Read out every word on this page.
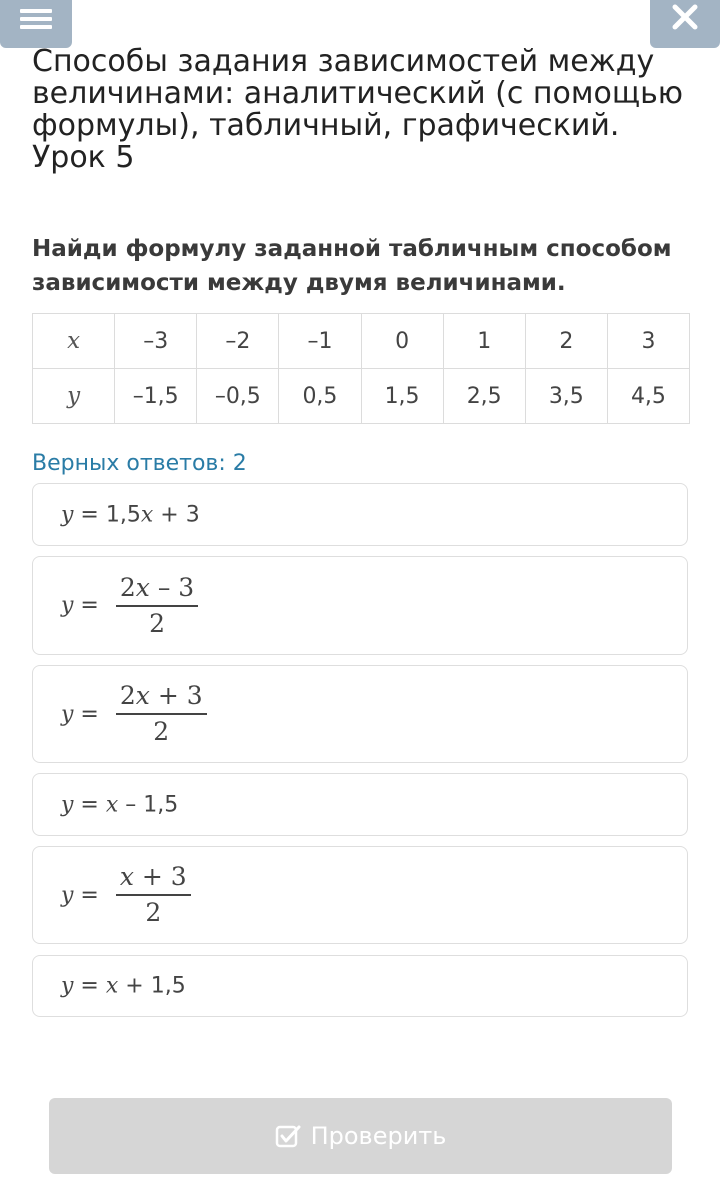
Способы задания зависимостей между величинами: аналитический (с помощью формулы), табличный, графический. Урок 5

Найди формулу заданной табличным способом зависимости между двумя величинами.

x	–3	–2	–1	0	1	2	3
y	–1,5	–0,5	0,5	1,5	2,5	3,5	4,5
Верных ответов: 2
y = 1,5 x + 3
$y = \frac{2x - 3}{2}$
$y = \frac{2x + 3}{2}$
y = x – 1,5
$y = \frac{x + 3}{2}$
y = x + 1,5
Проверить
